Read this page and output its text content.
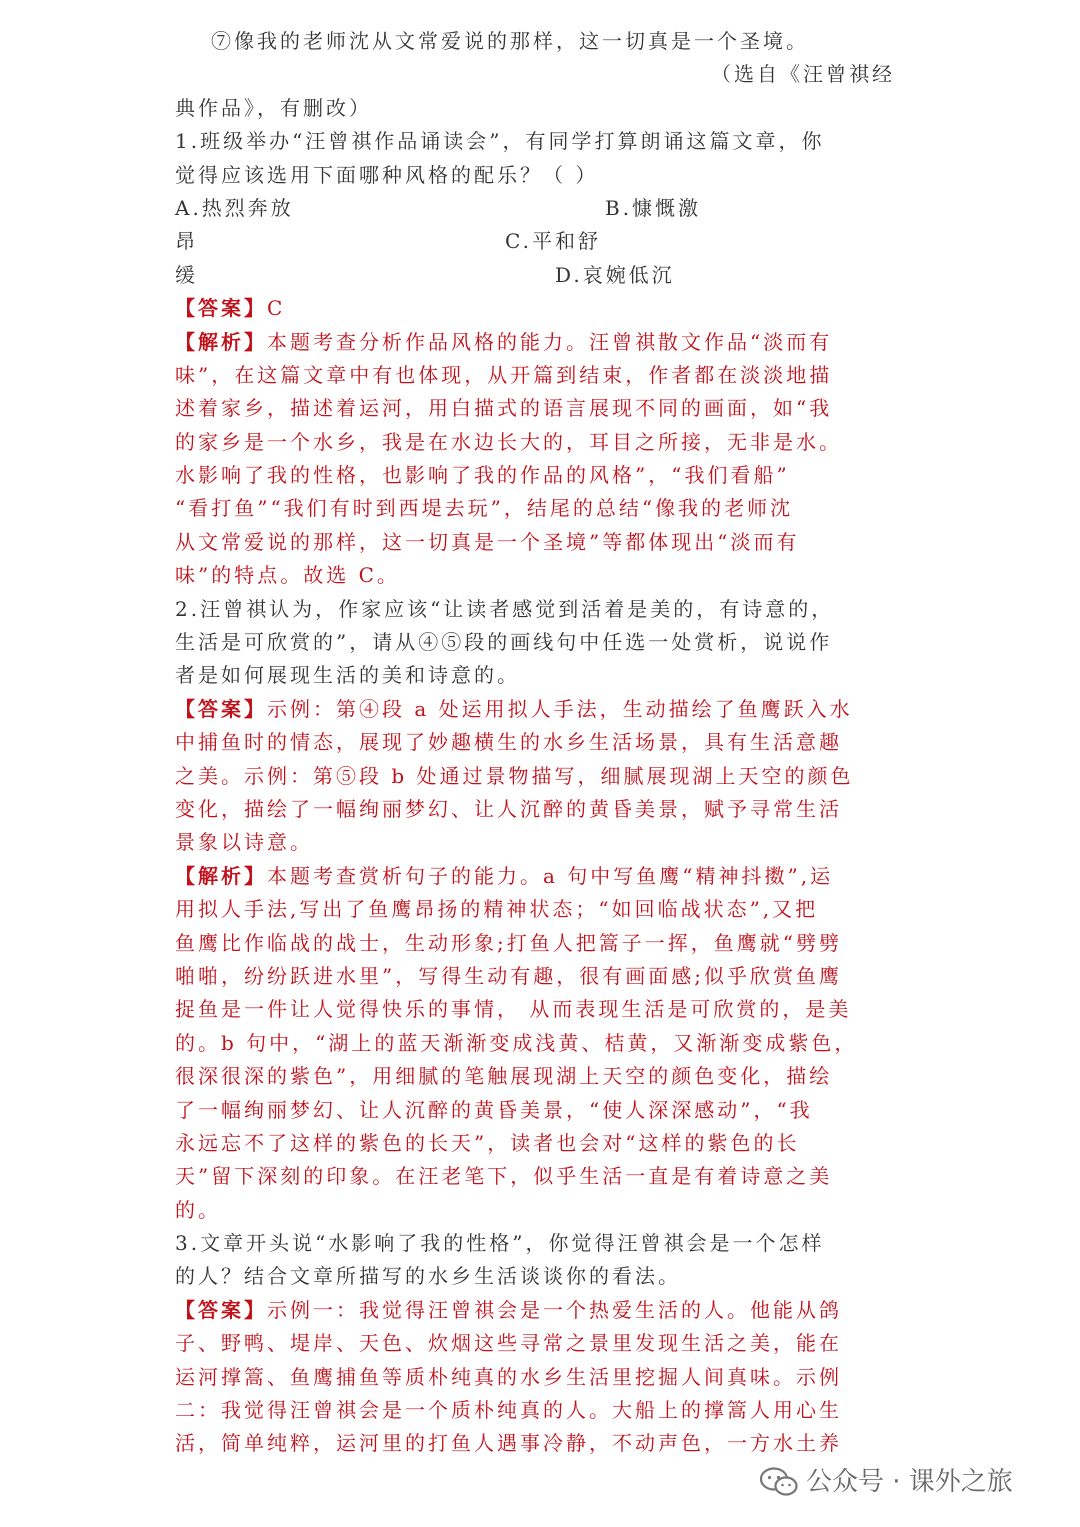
⑦像我的老师沈从文常爱说的那样，这一切真是一个圣境。
（选自《汪曾祺经
典作品》，有删改）
1.班级举办“汪曾祺作品诵读会”，有同学打算朗诵这篇文章，你
觉得应该选用下面哪种风格的配乐？（ ）
A.热烈奔放	B.慷慨激
昂	C.平和舒
缓	D.哀婉低沉
【答案】C
【解析】本题考查分析作品风格的能力。汪曾祺散文作品“淡而有
味”，在这篇文章中有也体现，从开篇到结束，作者都在淡淡地描
述着家乡，描述着运河，用白描式的语言展现不同的画面，如“我
的家乡是一个水乡，我是在水边长大的，耳目之所接，无非是水。
水影响了我的性格，也影响了我的作品的风格”，“我们看船”
“看打鱼”“我们有时到西堤去玩”，结尾的总结“像我的老师沈
从文常爱说的那样，这一切真是一个圣境”等都体现出“淡而有
味”的特点。故选 C。
2.汪曾祺认为，作家应该“让读者感觉到活着是美的，有诗意的，
生活是可欣赏的”，请从④⑤段的画线句中任选一处赏析，说说作
者是如何展现生活的美和诗意的。
【答案】示例：第④段 a 处运用拟人手法，生动描绘了鱼鹰跃入水
中捕鱼时的情态，展现了妙趣横生的水乡生活场景，具有生活意趣
之美。示例：第⑤段 b 处通过景物描写，细腻展现湖上天空的颜色
变化，描绘了一幅绚丽梦幻、让人沉醉的黄昏美景，赋予寻常生活
景象以诗意。
【解析】本题考查赏析句子的能力。a 句中写鱼鹰“精神抖擞”,运
用拟人手法,写出了鱼鹰昂扬的精神状态；“如回临战状态”,又把
鱼鹰比作临战的战士，生动形象;打鱼人把篙子一挥，鱼鹰就“劈劈
啪啪，纷纷跃进水里”，写得生动有趣，很有画面感;似乎欣赏鱼鹰
捉鱼是一件让人觉得快乐的事情， 从而表现生活是可欣赏的，是美
的。b 句中，“湖上的蓝天渐渐变成浅黄、桔黄，又渐渐变成紫色，
很深很深的紫色”，用细腻的笔触展现湖上天空的颜色变化，描绘
了一幅绚丽梦幻、让人沉醉的黄昏美景，“使人深深感动”，“我
永远忘不了这样的紫色的长天”，读者也会对“这样的紫色的长
天”留下深刻的印象。在汪老笔下，似乎生活一直是有着诗意之美
的。
3.文章开头说“水影响了我的性格”，你觉得汪曾祺会是一个怎样
的人？结合文章所描写的水乡生活谈谈你的看法。
【答案】示例一：我觉得汪曾祺会是一个热爱生活的人。他能从鸽
子、野鸭、堤岸、天色、炊烟这些寻常之景里发现生活之美，能在
运河撑篙、鱼鹰捕鱼等质朴纯真的水乡生活里挖掘人间真味。示例
二：我觉得汪曾祺会是一个质朴纯真的人。大船上的撑篙人用心生
活，简单纯粹，运河里的打鱼人遇事冷静，不动声色，一方水土养
公众号 · 课外之旅
